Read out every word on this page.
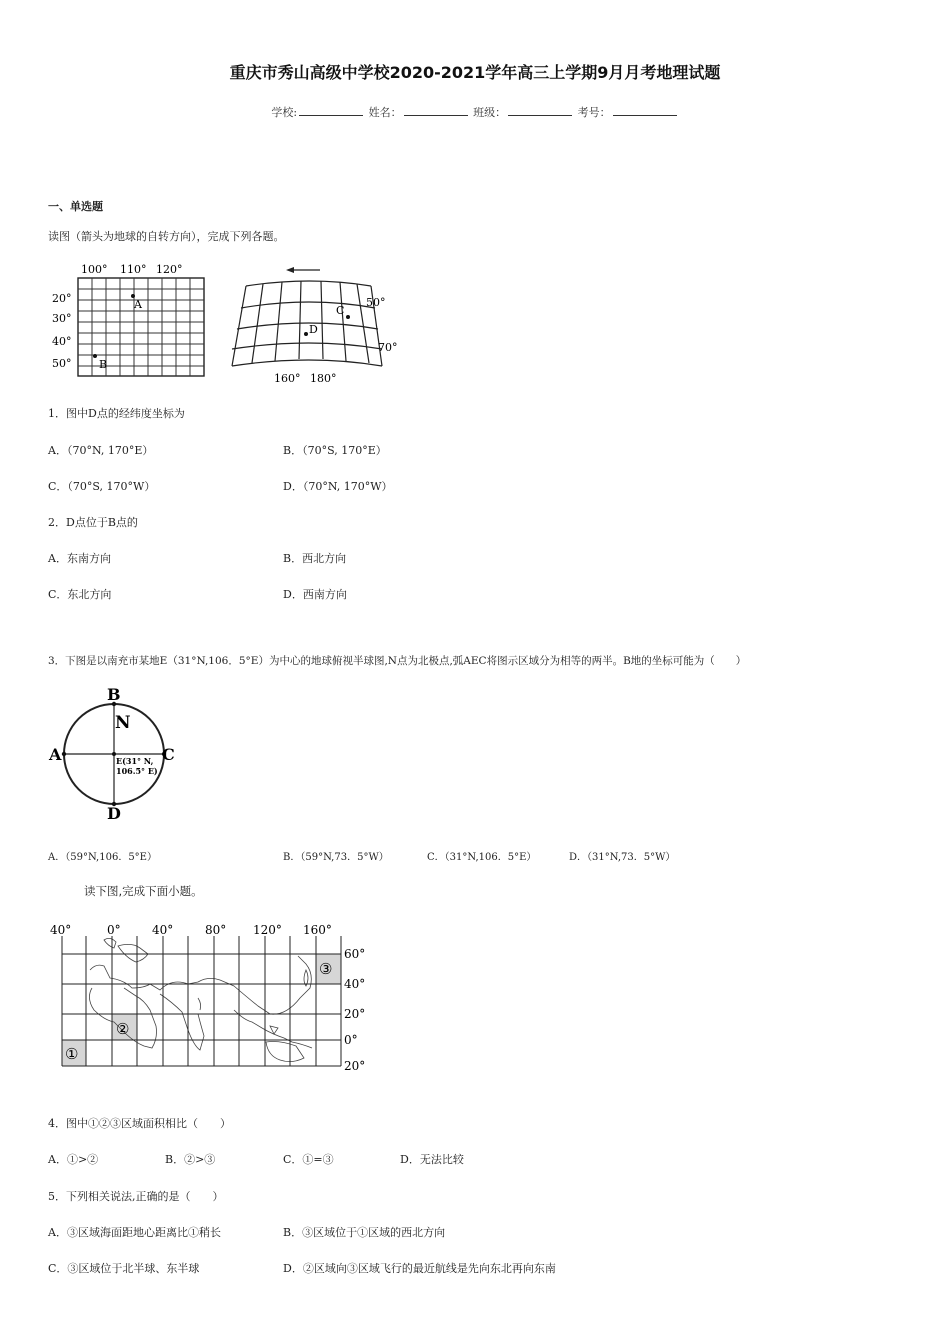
重庆市秀山高级中学校2020-2021学年高三上学期9月月考地理试题
学校:	姓名：	班级：	考号：
一、单选题
读图（箭头为地球的自转方向），完成下列各题。
100° 110° 120°
20°
30°
40°
50°
A
B
C
D
50°
70°
160° 180°
1．图中D点的经纬度坐标为
A．（70°N, 170°E）	B．（70°S, 170°E）
C．（70°S, 170°W）	D．（70°N, 170°W）
2．D点位于B点的
A．东南方向	B．西北方向
C．东北方向	D．西南方向
3．下图是以南充市某地E（31°N,106．5°E）为中心的地球俯视半球图,N点为北极点,弧AEC将图示区域分为相等的两半。B地的坐标可能为（　　）
B
N
A	C
D
E(31° N,
106.5° E)
A．（59°N,106．5°E）	B．（59°N,73．5°W）	C．（31°N,106．5°E）	D．（31°N,73．5°W）
读下图,完成下面小题。
40°	0°	40°	80° 120° 160°
60°
40°
20°
0°
20°
①
②
③
4．图中①②③区域面积相比（　　）
A．①>②	B．②>③	C．①=③	D．无法比较
5．下列相关说法,正确的是（　　）
A．③区域海面距地心距离比①稍长	B．③区域位于①区域的西北方向
C．③区域位于北半球、东半球	D．②区域向③区域飞行的最近航线是先向东北再向东南
